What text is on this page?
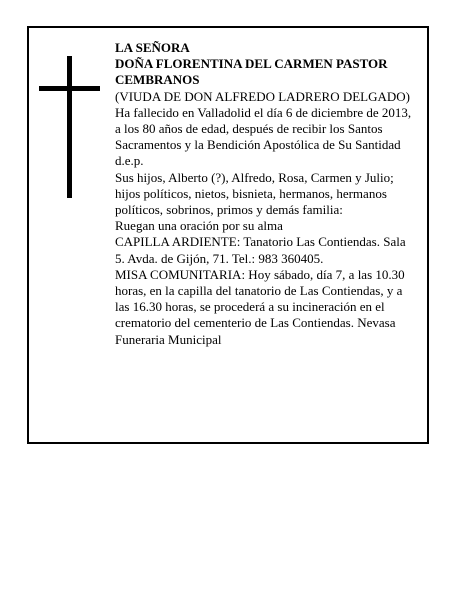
LA SEÑORA

DOÑA FLORENTINA DEL CARMEN PASTOR CEMBRANOS

(VIUDA DE DON ALFREDO LADRERO DELGADO)

Ha fallecido en Valladolid el día 6 de diciembre de 2013, a los 80 años de edad, después de recibir los Santos Sacramentos y la Bendición Apostólica de Su Santidad

d.e.p.

Sus hijos, Alberto (?), Alfredo, Rosa, Carmen y Julio; hijos políticos, nietos, bisnieta, hermanos, hermanos políticos, sobrinos, primos y demás familia:

Ruegan una oración por su alma

CAPILLA ARDIENTE: Tanatorio Las Contiendas. Sala 5. Avda. de Gijón, 71. Tel.: 983 360405.

MISA COMUNITARIA: Hoy sábado, día 7, a las 10.30 horas, en la capilla del tanatorio de Las Contiendas, y a las 16.30 horas, se procederá a su incineración en el crematorio del cementerio de Las Contiendas. Nevasa Funeraria Municipal
